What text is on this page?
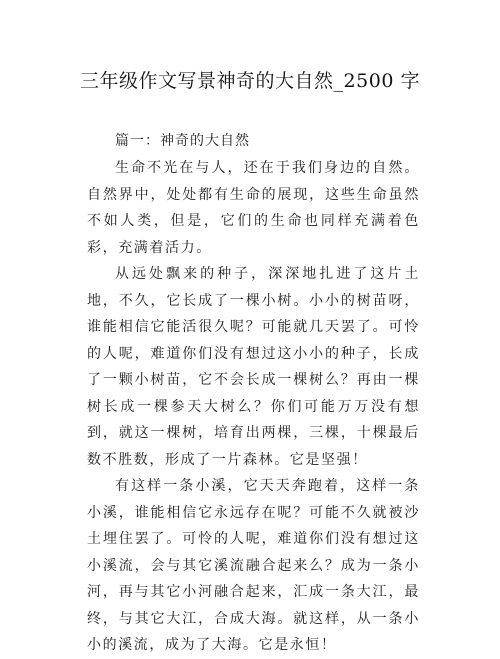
三年级作文写景神奇的大自然_2500 字

篇一：神奇的大自然

生命不光在与人，还在于我们身边的自然。自然界中，处处都有生命的展现，这些生命虽然不如人类，但是，它们的生命也同样充满着色彩，充满着活力。

从远处飘来的种子，深深地扎进了这片土地，不久，它长成了一棵小树。小小的树苗呀，谁能相信它能活很久呢？可能就几天罢了。可怜的人呢，难道你们没有想过这小小的种子，长成了一颗小树苗，它不会长成一棵树么？再由一棵树长成一棵参天大树么？你们可能万万没有想到，就这一棵树，培育出两棵，三棵，十棵最后数不胜数，形成了一片森林。它是坚强！

有这样一条小溪，它天天奔跑着，这样一条小溪，谁能相信它永远存在呢？可能不久就被沙土埋住罢了。可怜的人呢，难道你们没有想过这小溪流，会与其它溪流融合起来么？成为一条小河，再与其它小河融合起来，汇成一条大江，最终，与其它大江，合成大海。就这样，从一条小小的溪流，成为了大海。它是永恒！
